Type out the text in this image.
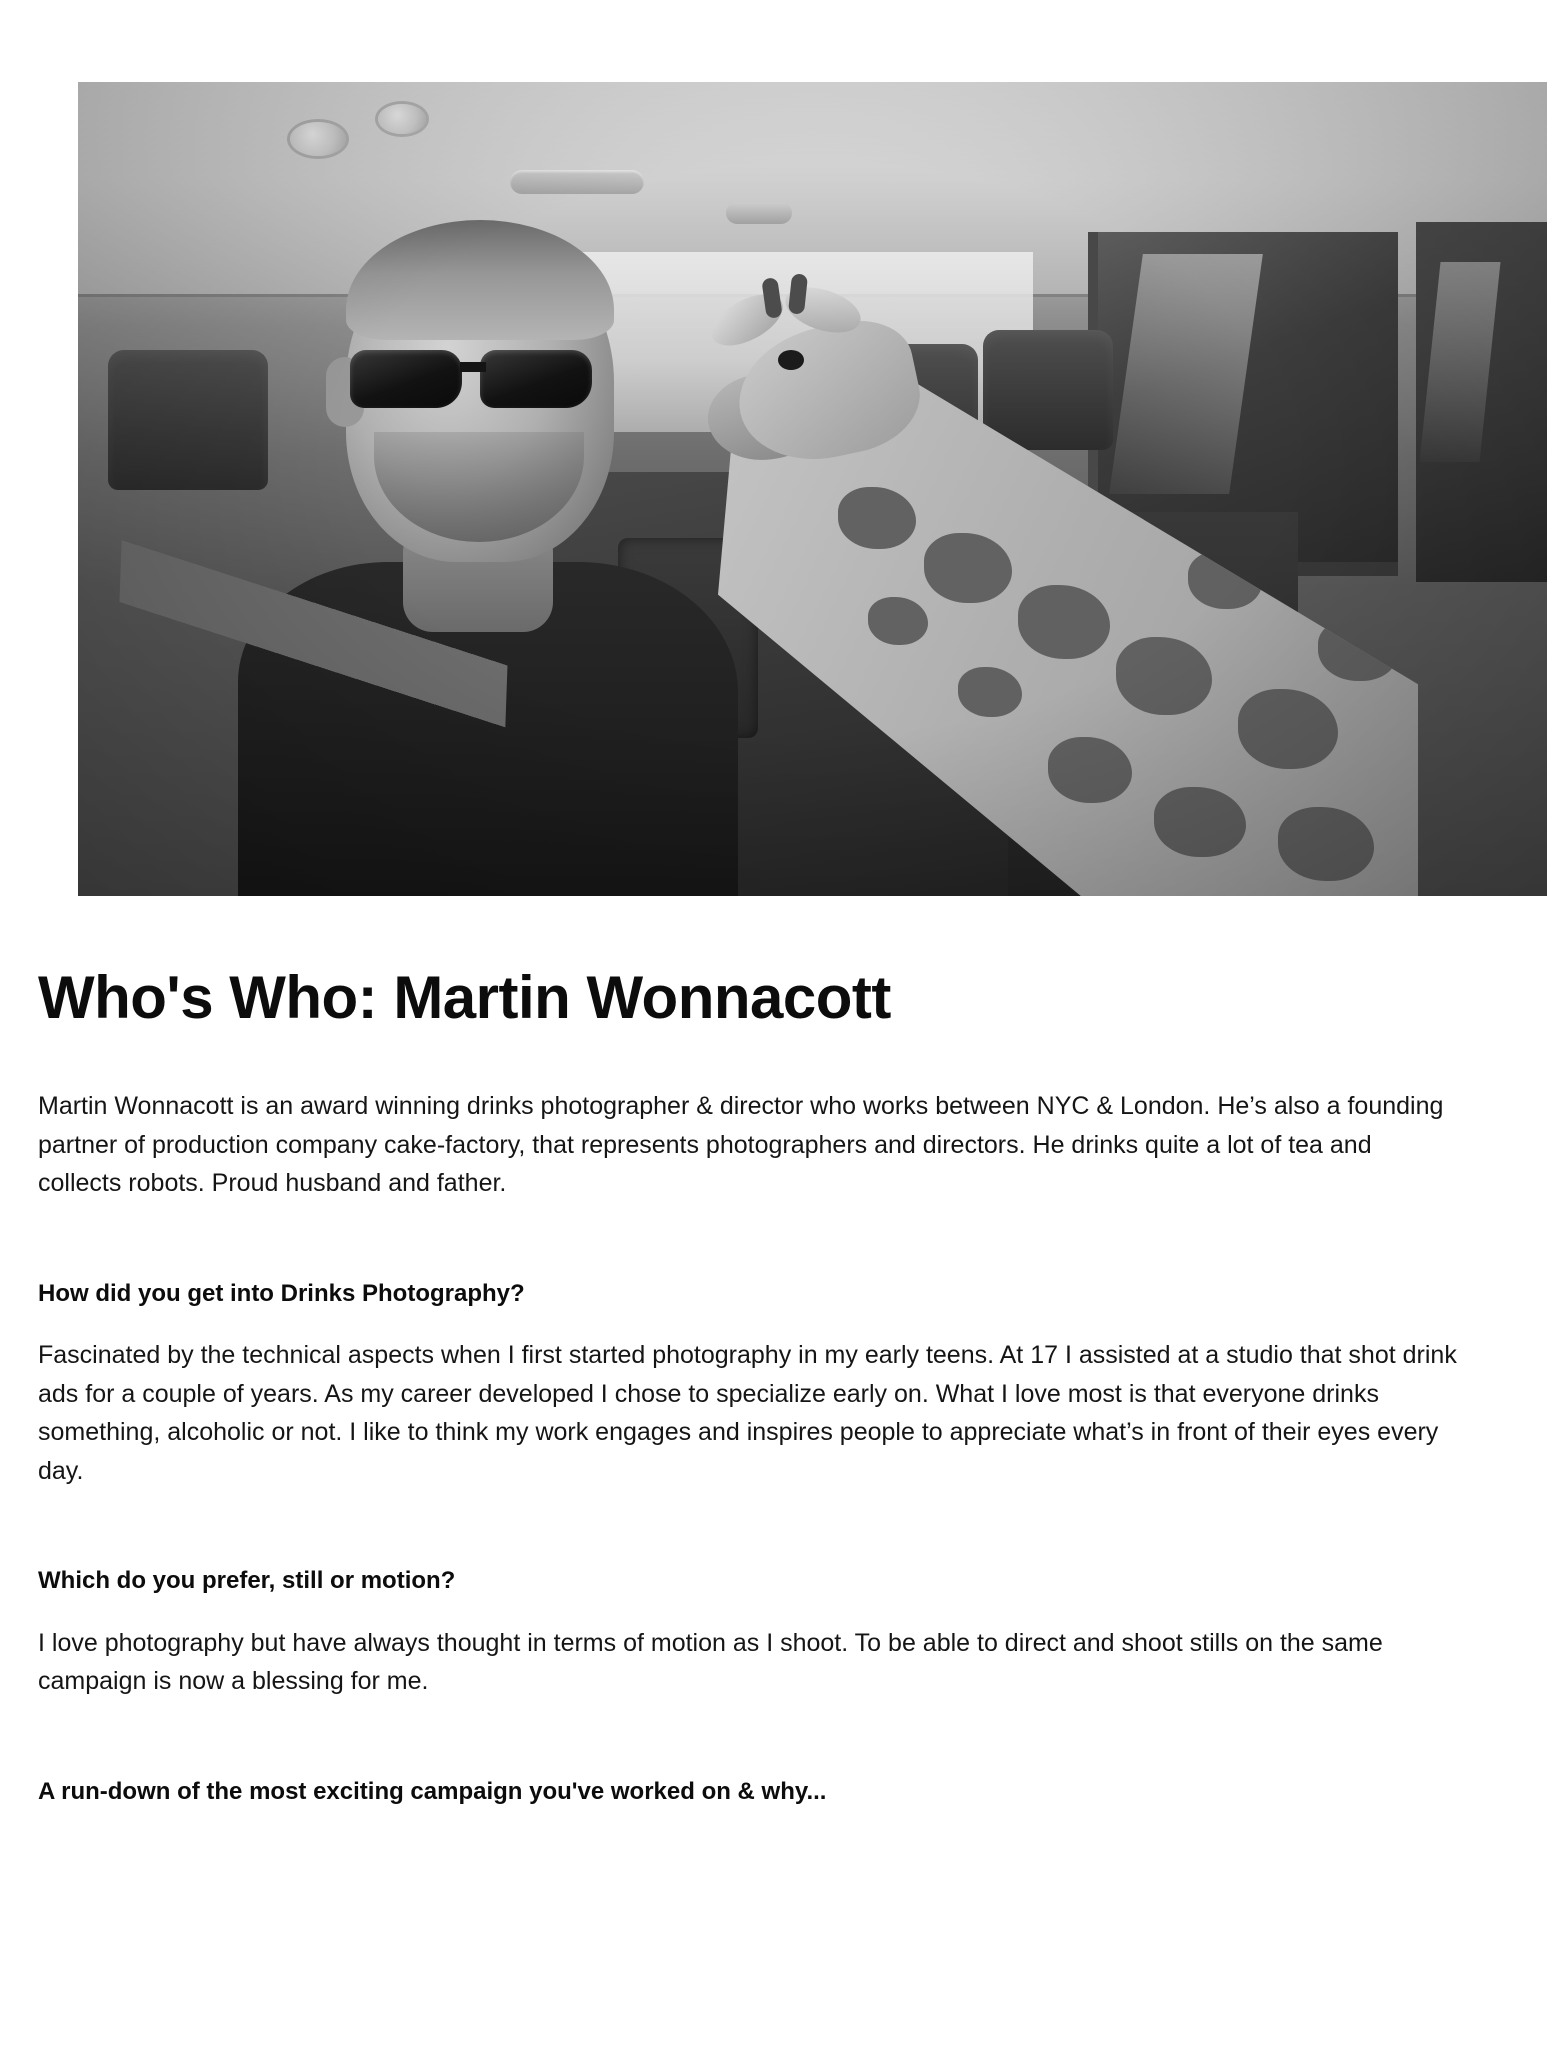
Who's Who: Martin Wonnacott

Martin Wonnacott is an award winning drinks photographer & director who works between NYC & London. He’s also a founding partner of production company cake-factory, that represents photographers and directors. He drinks quite a lot of tea and collects robots. Proud husband and father.

How did you get into Drinks Photography?

Fascinated by the technical aspects when I first started photography in my early teens. At 17 I assisted at a studio that shot drink ads for a couple of years. As my career developed I chose to specialize early on. What I love most is that everyone drinks something, alcoholic or not. I like to think my work engages and inspires people to appreciate what’s in front of their eyes every day.

Which do you prefer, still or motion?

I love photography but have always thought in terms of motion as I shoot. To be able to direct and shoot stills on the same campaign is now a blessing for me.

A run-down of the most exciting campaign you've worked on & why...
